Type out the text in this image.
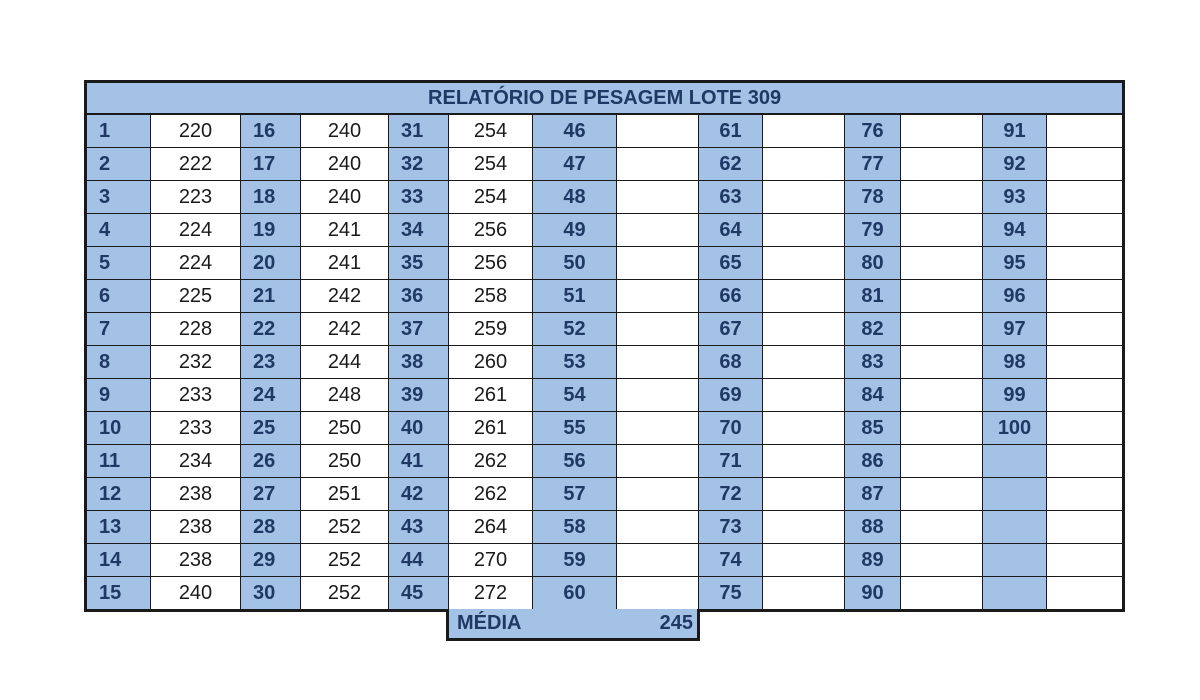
RELATÓRIO DE PESAGEM LOTE 309													
1	220	16	240	31	254	46		61		76		91	
2	222	17	240	32	254	47		62		77		92	
3	223	18	240	33	254	48		63		78		93	
4	224	19	241	34	256	49		64		79		94	
5	224	20	241	35	256	50		65		80		95	
6	225	21	242	36	258	51		66		81		96	
7	228	22	242	37	259	52		67		82		97	
8	232	23	244	38	260	53		68		83		98	
9	233	24	248	39	261	54		69		84		99	
10	233	25	250	40	261	55		70		85		100	
11	234	26	250	41	262	56		71		86			
12	238	27	251	42	262	57		72		87			
13	238	28	252	43	264	58		73		88			
14	238	29	252	44	270	59		74		89			
15	240	30	252	45	272	60		75		90			
MÉDIA	245
